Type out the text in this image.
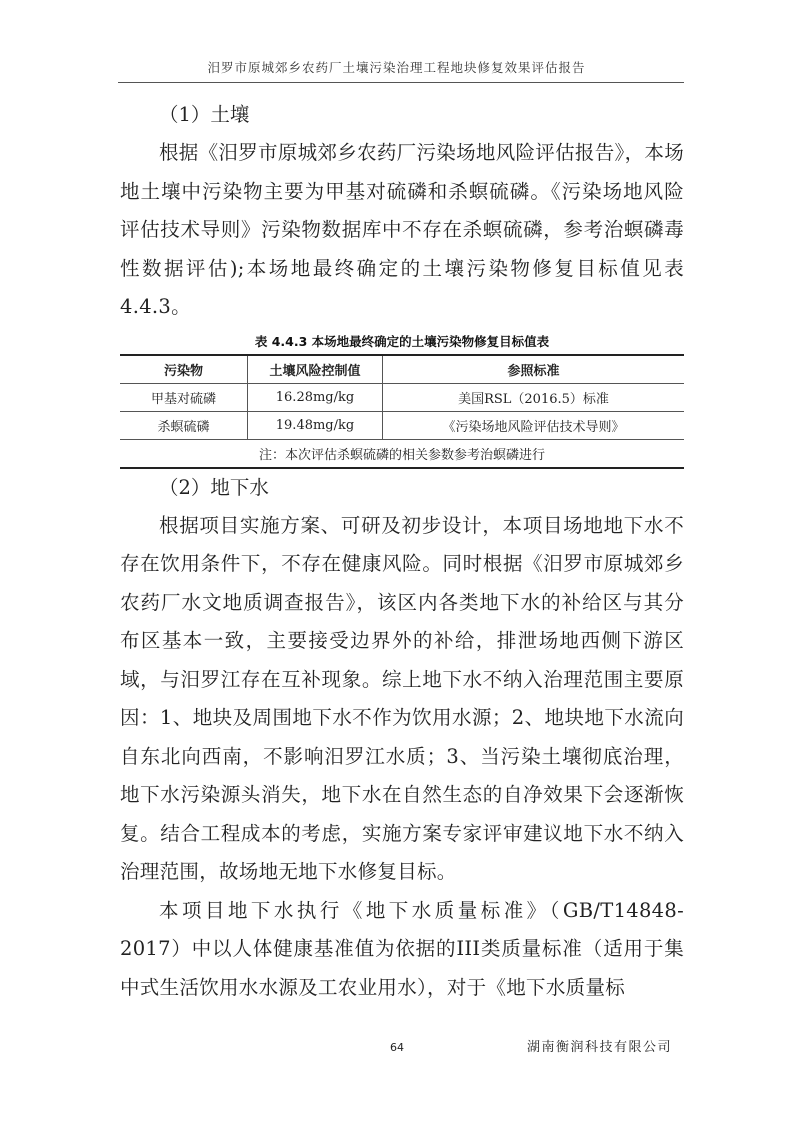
汨罗市原城郊乡农药厂土壤污染治理工程地块修复效果评估报告

（1）土壤

根据《汨罗市原城郊乡农药厂污染场地风险评估报告》，本场地土壤中污染物主要为甲基对硫磷和杀螟硫磷。《污染场地风险评估技术导则》污染物数据库中不存在杀螟硫磷，参考治螟磷毒性数据评估);本场地最终确定的土壤污染物修复目标值见表4.4.3。

表 4.4.3 本场地最终确定的土壤污染物修复目标值表
污染物	土壤风险控制值	参照标准
甲基对硫磷	16.28mg/kg	美国RSL（2016.5）标准
杀螟硫磷	19.48mg/kg	《污染场地风险评估技术导则》
注：本次评估杀螟硫磷的相关参数参考治螟磷进行		

（2）地下水

根据项目实施方案、可研及初步设计，本项目场地地下水不存在饮用条件下，不存在健康风险。同时根据《汨罗市原城郊乡农药厂水文地质调查报告》，该区内各类地下水的补给区与其分布区基本一致，主要接受边界外的补给，排泄场地西侧下游区域，与汨罗江存在互补现象。综上地下水不纳入治理范围主要原因：1、地块及周围地下水不作为饮用水源；2、地块地下水流向自东北向西南，不影响汨罗江水质；3、当污染土壤彻底治理，地下水污染源头消失，地下水在自然生态的自净效果下会逐渐恢复。结合工程成本的考虑，实施方案专家评审建议地下水不纳入治理范围，故场地无地下水修复目标。

本项目地下水执行《地下水质量标准》（GB/T14848-2017）中以人体健康基准值为依据的III类质量标准（适用于集中式生活饮用水水源及工农业用水），对于《地下水质量标

64	湖南衡润科技有限公司
